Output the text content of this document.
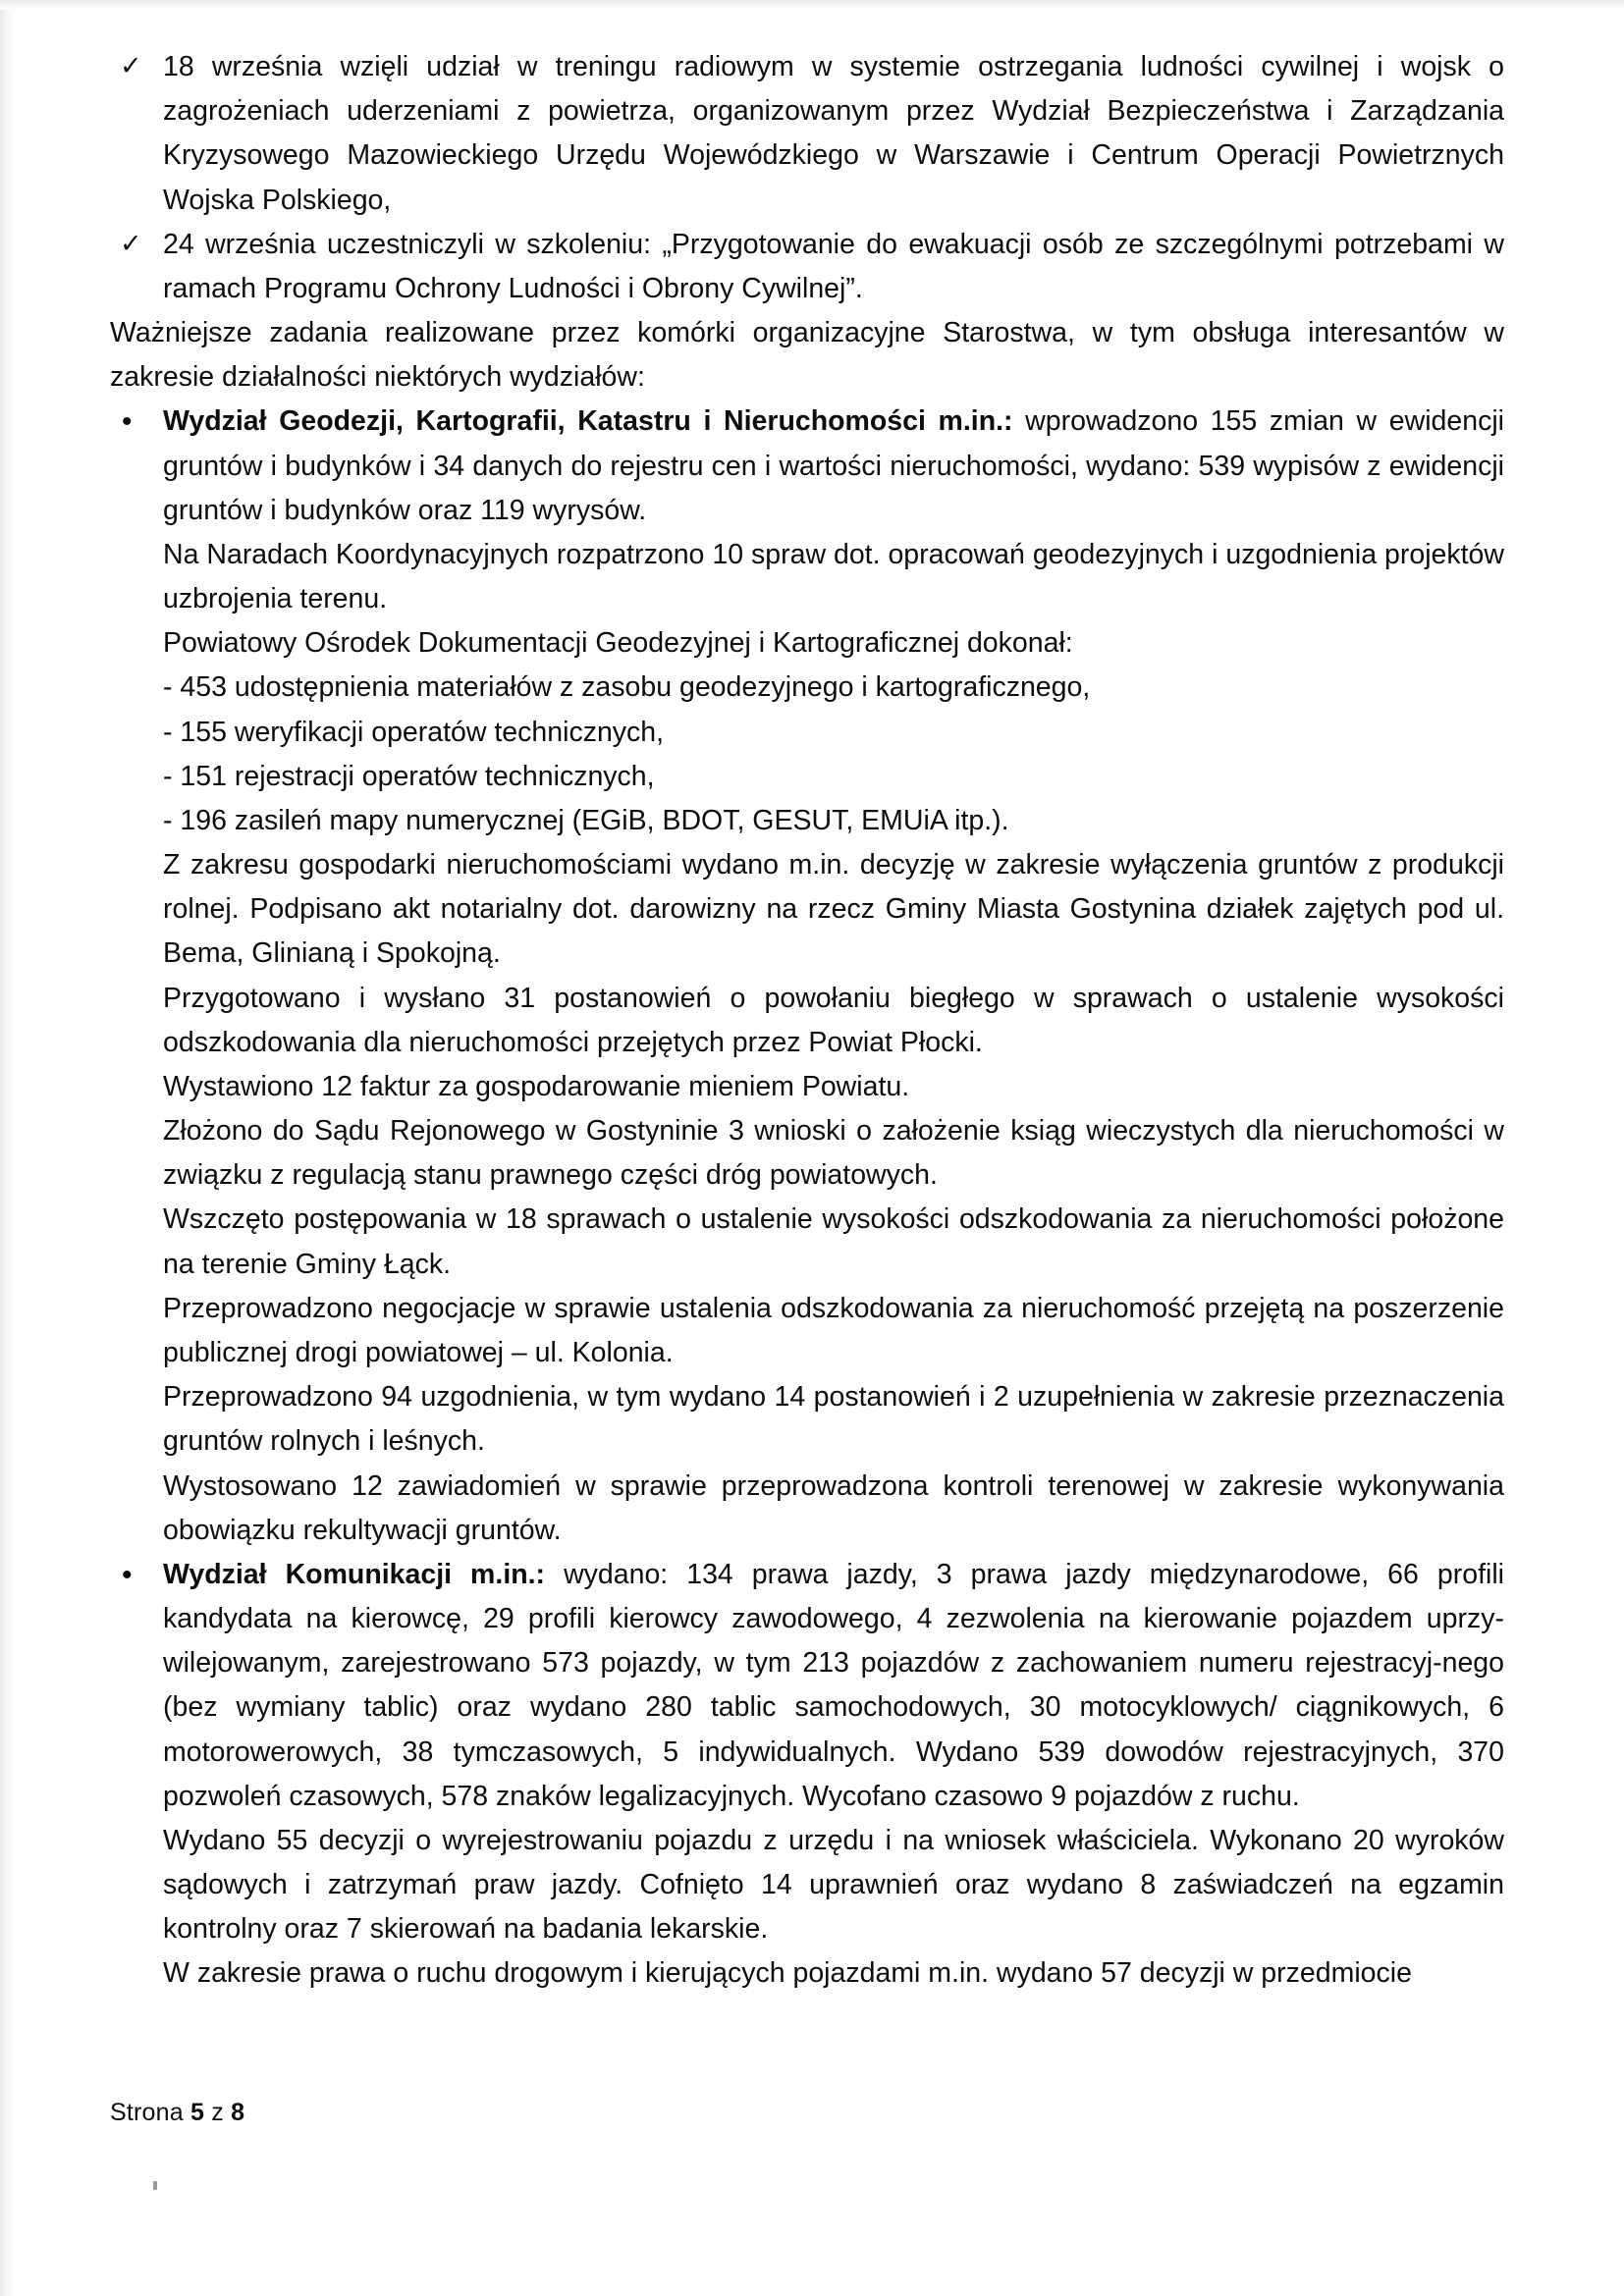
✓ 18 września wzięli udział w treningu radiowym w systemie ostrzegania ludności cywilnej i wojsk o zagrożeniach uderzeniami z powietrza, organizowanym przez Wydział Bezpieczeństwa i Zarządzania Kryzysowego Mazowieckiego Urzędu Wojewódzkiego w Warszawie i Centrum Operacji Powietrznych Wojska Polskiego,
✓ 24 września uczestniczyli w szkoleniu: „Przygotowanie do ewakuacji osób ze szczególnymi potrzebami w ramach Programu Ochrony Ludności i Obrony Cywilnej”.

Ważniejsze zadania realizowane przez komórki organizacyjne Starostwa, w tym obsługa interesantów w zakresie działalności niektórych wydziałów:

• Wydział Geodezji, Kartografii, Katastru i Nieruchomości m.in.: wprowadzono 155 zmian w ewidencji gruntów i budynków i 34 danych do rejestru cen i wartości nieruchomości, wydano: 539 wypisów z ewidencji gruntów i budynków oraz 119 wyrysów.

Na Naradach Koordynacyjnych rozpatrzono 10 spraw dot. opracowań geodezyjnych i uzgodnienia projektów uzbrojenia terenu.

Powiatowy Ośrodek Dokumentacji Geodezyjnej i Kartograficznej dokonał:

- 453 udostępnienia materiałów z zasobu geodezyjnego i kartograficznego,

- 155 weryfikacji operatów technicznych,

- 151 rejestracji operatów technicznych,

- 196 zasileń mapy numerycznej (EGiB, BDOT, GESUT, EMUiA itp.).

Z zakresu gospodarki nieruchomościami wydano m.in. decyzję w zakresie wyłączenia gruntów z produkcji rolnej. Podpisano akt notarialny dot. darowizny na rzecz Gminy Miasta Gostynina działek zajętych pod ul. Bema, Glinianą i Spokojną.

Przygotowano i wysłano 31 postanowień o powołaniu biegłego w sprawach o ustalenie wysokości odszkodowania dla nieruchomości przejętych przez Powiat Płocki.

Wystawiono 12 faktur za gospodarowanie mieniem Powiatu.

Złożono do Sądu Rejonowego w Gostyninie 3 wnioski o założenie ksiąg wieczystych dla nieruchomości w związku z regulacją stanu prawnego części dróg powiatowych.

Wszczęto postępowania w 18 sprawach o ustalenie wysokości odszkodowania za nieruchomości położone na terenie Gminy Łąck.

Przeprowadzono negocjacje w sprawie ustalenia odszkodowania za nieruchomość przejętą na poszerzenie publicznej drogi powiatowej – ul. Kolonia.

Przeprowadzono 94 uzgodnienia, w tym wydano 14 postanowień i 2 uzupełnienia w zakresie przeznaczenia gruntów rolnych i leśnych.

Wystosowano 12 zawiadomień w sprawie przeprowadzona kontroli terenowej w zakresie wykonywania obowiązku rekultywacji gruntów.

• Wydział Komunikacji m.in.: wydano: 134 prawa jazdy, 3 prawa jazdy międzynarodowe, 66 profili kandydata na kierowcę, 29 profili kierowcy zawodowego, 4 zezwolenia na kierowanie pojazdem uprzy-wilejowanym, zarejestrowano 573 pojazdy, w tym 213 pojazdów z zachowaniem numeru rejestracyj-nego (bez wymiany tablic) oraz wydano 280 tablic samochodowych, 30 motocyklowych/ ciągnikowych, 6 motorowerowych, 38 tymczasowych, 5 indywidualnych. Wydano 539 dowodów rejestracyjnych, 370 pozwoleń czasowych, 578 znaków legalizacyjnych. Wycofano czasowo 9 pojazdów z ruchu.

Wydano 55 decyzji o wyrejestrowaniu pojazdu z urzędu i na wniosek właściciela. Wykonano 20 wyroków sądowych i zatrzymań praw jazdy. Cofnięto 14 uprawnień oraz wydano 8 zaświadczeń na egzamin kontrolny oraz 7 skierowań na badania lekarskie.

W zakresie prawa o ruchu drogowym i kierujących pojazdami m.in. wydano 57 decyzji w przedmiocie

Strona 5 z 8
